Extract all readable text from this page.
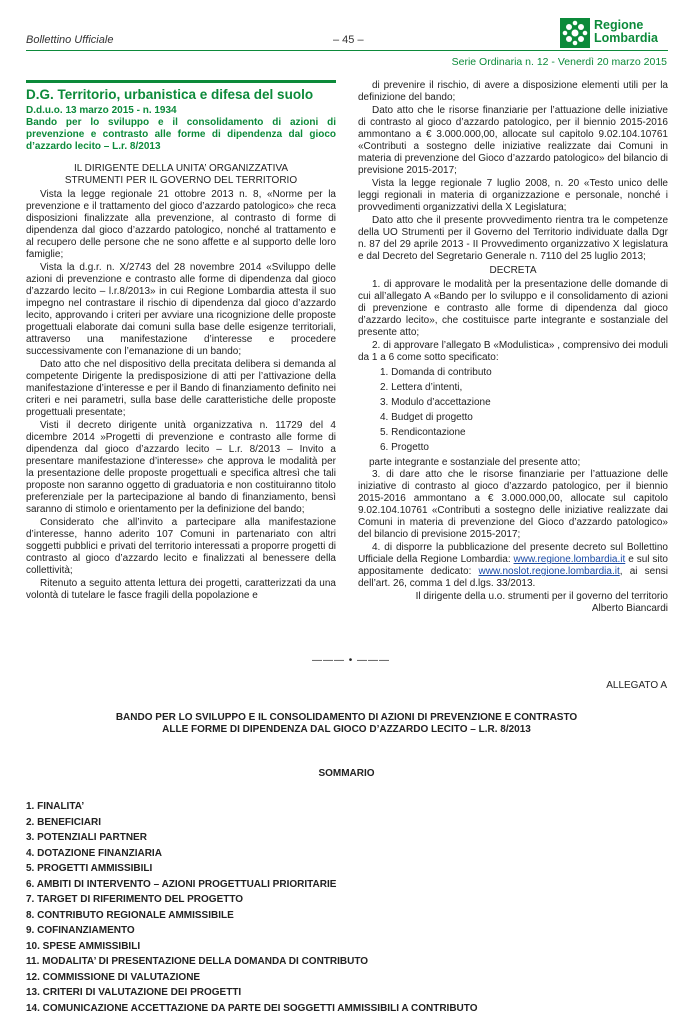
Bollettino Ufficiale	– 45 –
Regione
Lombardia
Serie Ordinaria n. 12 - Venerdì 20 marzo 2015
D.G. Territorio, urbanistica e difesa del suolo
D.d.u.o. 13 marzo 2015 - n. 1934
Bando per lo sviluppo e il consolidamento di azioni di prevenzione e contrasto alle forme di dipendenza dal gioco d’azzardo lecito – L.r. 8/2013
IL DIRIGENTE DELLA UNITA’ ORGANIZZATIVA
STRUMENTI PER IL GOVERNO DEL TERRITORIO
Vista la legge regionale 21 ottobre 2013 n. 8, «Norme per la prevenzione e il trattamento del gioco d’azzardo patologico» che reca disposizioni finalizzate alla prevenzione, al contrasto di forme di dipendenza dal gioco d’azzardo patologico, nonché al trattamento e al recupero delle persone che ne sono affette e al supporto delle loro famiglie;
Vista la d.g.r. n. X/2743 del 28 novembre 2014 «Sviluppo delle azioni di prevenzione e contrasto alle forme di dipendenza dal gioco d’azzardo lecito – l.r.8/2013» in cui Regione Lombardia attesta il suo impegno nel contrastare il rischio di dipendenza dal gioco d’azzardo lecito, approvando i criteri per avviare una ricognizione delle proposte progettuali elaborate dai comuni sulla base delle esigenze territoriali, attraverso una manifestazione d’interesse e procedere successivamente con l’emanazione di un bando;
Dato atto che nel dispositivo della precitata delibera si demanda al competente Dirigente la predisposizione di atti per l’attivazione della manifestazione d’interesse e per il Bando di finanziamento definito nei criteri e nei parametri, sulla base delle caratteristiche delle proposte progettuali presentate;
Visti il decreto dirigente unità organizzativa n. 11729 del 4 dicembre 2014 »Progetti di prevenzione e contrasto alle forme di dipendenza dal gioco d’azzardo lecito – L.r. 8/2013 – Invito a presentare manifestazione d’interesse» che approva le modalità per la presentazione delle proposte progettuali e specifica altresì che tali proposte non saranno oggetto di graduatoria e non costituiranno titolo preferenziale per la partecipazione al bando di finanziamento, bensì saranno di stimolo e orientamento per la definizione del bando;
Considerato che all’invito a partecipare alla manifestazione d’interesse, hanno aderito 107 Comuni in partenariato con altri soggetti pubblici e privati del territorio interessati a proporre progetti di contrasto al gioco d’azzardo lecito e finalizzati al benessere della collettività;
Ritenuto a seguito attenta lettura dei progetti, caratterizzati da una volontà di tutelare le fasce fragili della popolazione e
di prevenire il rischio, di avere a disposizione elementi utili per la definizione del bando;
Dato atto che le risorse finanziarie per l’attuazione delle iniziative di contrasto al gioco d’azzardo patologico, per il biennio 2015-2016 ammontano a € 3.000.000,00, allocate sul capitolo 9.02.104.10761 «Contributi a sostegno delle iniziative realizzate dai Comuni in materia di prevenzione del Gioco d’azzardo patologico» del bilancio di previsione 2015-2017;
Vista la legge regionale 7 luglio 2008, n. 20 «Testo unico delle leggi regionali in materia di organizzazione e personale, nonché i provvedimenti organizzativi della X Legislatura;
Dato atto che il presente provvedimento rientra tra le competenze della UO Strumenti per il Governo del Territorio individuate dalla Dgr n. 87 del 29 aprile 2013 - II Provvedimento organizzativo X legislatura e dal Decreto del Segretario Generale n. 7110 del 25 luglio 2013;
DECRETA
1. di approvare le modalità per la presentazione delle domande di cui all’allegato A «Bando per lo sviluppo e il consolidamento di azioni di prevenzione e contrasto alle forme di dipendenza dal gioco d’azzardo lecito», che costituisce parte integrante e sostanziale del presente atto;
2. di approvare l’allegato B «Modulistica» , comprensivo dei moduli da 1 a 6 come sotto specificato:
1. Domanda di contributo
2. Lettera d’intenti,
3. Modulo d’accettazione
4. Budget di progetto
5. Rendicontazione
6. Progetto
parte integrante e sostanziale del presente atto;
3. di dare atto che le risorse finanziarie per l’attuazione delle iniziative di contrasto al gioco d’azzardo patologico, per il biennio 2015-2016 ammontano a € 3.000.000,00, allocate sul capitolo 9.02.104.10761 «Contributi a sostegno delle iniziative realizzate dai Comuni in materia di prevenzione del Gioco d’azzardo patologico» del bilancio di previsione 2015-2017;
4. di disporre la pubblicazione del presente decreto sul Bollettino Ufficiale della Regione Lombardia: www.regione.lombardia.it e sul sito appositamente dedicato: www.noslot.regione.lombardia.it, ai sensi dell’art. 26, comma 1 del d.lgs. 33/2013.
Il dirigente della u.o. strumenti per il governo del territorio
Alberto Biancardi
——— • ———
ALLEGATO A
BANDO PER LO SVILUPPO E IL CONSOLIDAMENTO DI AZIONI DI PREVENZIONE E CONTRASTO
ALLE FORME DI DIPENDENZA DAL GIOCO D’AZZARDO LECITO – L.R. 8/2013
SOMMARIO
1. FINALITA’
2. BENEFICIARI
3. POTENZIALI PARTNER
4. DOTAZIONE FINANZIARIA
5. PROGETTI AMMISSIBILI
6. AMBITI DI INTERVENTO – AZIONI PROGETTUALI PRIORITARIE
7. TARGET DI RIFERIMENTO DEL PROGETTO
8. CONTRIBUTO REGIONALE AMMISSIBILE
9. COFINANZIAMENTO
10. SPESE AMMISSIBILI
11. MODALITA’ DI PRESENTAZIONE DELLA DOMANDA DI CONTRIBUTO
12. COMMISSIONE DI VALUTAZIONE
13. CRITERI DI VALUTAZIONE DEI PROGETTI
14. COMUNICAZIONE ACCETTAZIONE DA PARTE DEI SOGGETTI AMMISSIBILI A CONTRIBUTO
